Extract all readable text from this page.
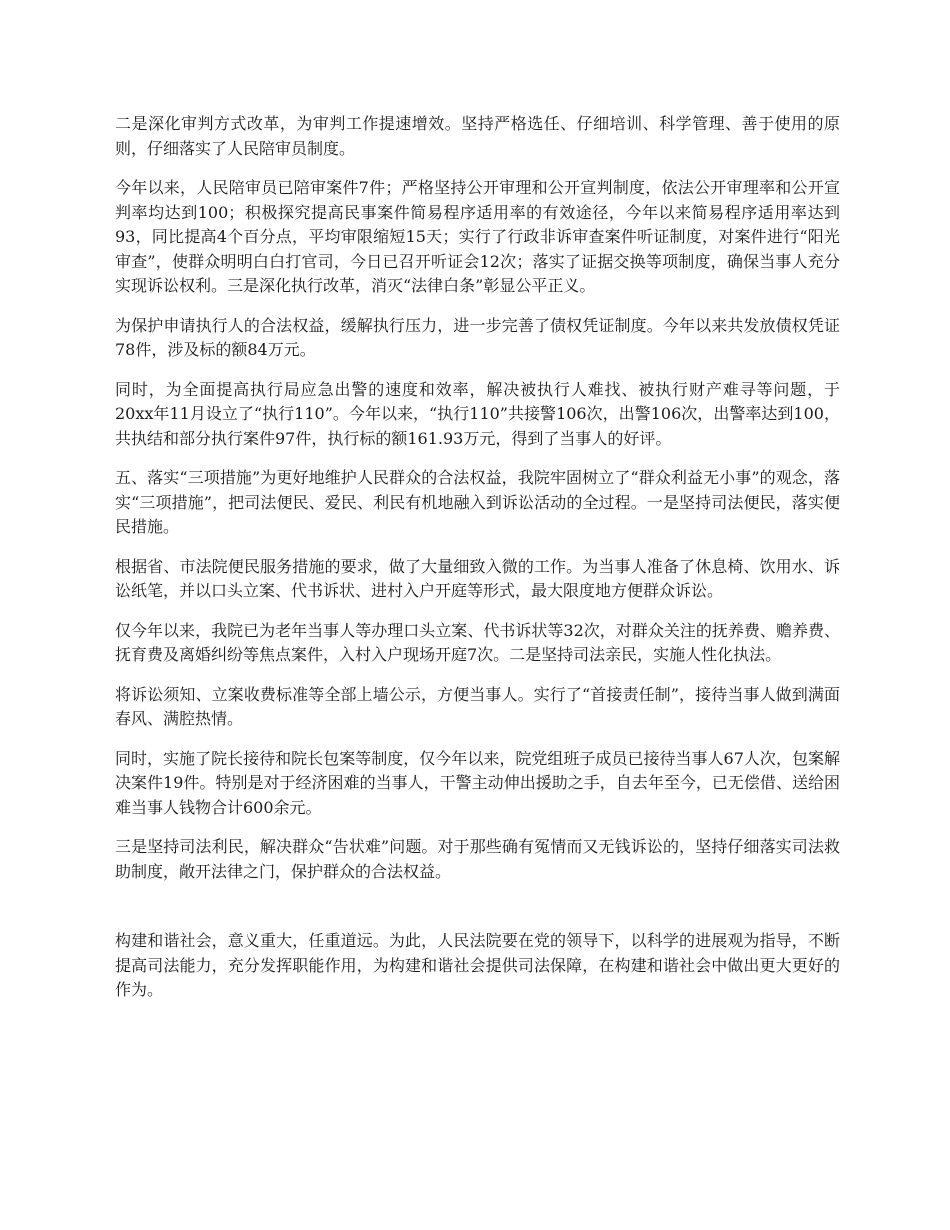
二是深化审判方式改革，为审判工作提速增效。坚持严格选任、仔细培训、科学管理、善于使用的原则，仔细落实了人民陪审员制度。

今年以来，人民陪审员已陪审案件7件；严格坚持公开审理和公开宣判制度，依法公开审理率和公开宣判率均达到100；积极探究提高民事案件简易程序适用率的有效途径，今年以来简易程序适用率达到93，同比提高4个百分点，平均审限缩短15天；实行了行政非诉审查案件听证制度，对案件进行“阳光审查”，使群众明明白白打官司，今日已召开听证会12次；落实了证据交换等项制度，确保当事人充分实现诉讼权利。三是深化执行改革，消灭“法律白条”彰显公平正义。

为保护申请执行人的合法权益，缓解执行压力，进一步完善了债权凭证制度。今年以来共发放债权凭证78件，涉及标的额84万元。

同时，为全面提高执行局应急出警的速度和效率，解决被执行人难找、被执行财产难寻等问题，于20xx年11月设立了“执行110”。今年以来，“执行110”共接警106次，出警106次，出警率达到100，共执结和部分执行案件97件，执行标的额161.93万元，得到了当事人的好评。

五、落实“三项措施”为更好地维护人民群众的合法权益，我院牢固树立了“群众利益无小事”的观念，落实“三项措施”，把司法便民、爱民、利民有机地融入到诉讼活动的全过程。一是坚持司法便民，落实便民措施。

根据省、市法院便民服务措施的要求，做了大量细致入微的工作。为当事人准备了休息椅、饮用水、诉讼纸笔，并以口头立案、代书诉状、进村入户开庭等形式，最大限度地方便群众诉讼。

仅今年以来，我院已为老年当事人等办理口头立案、代书诉状等32次，对群众关注的抚养费、赡养费、抚育费及离婚纠纷等焦点案件，入村入户现场开庭7次。二是坚持司法亲民，实施人性化执法。

将诉讼须知、立案收费标准等全部上墙公示，方便当事人。实行了“首接责任制”，接待当事人做到满面春风、满腔热情。

同时，实施了院长接待和院长包案等制度，仅今年以来，院党组班子成员已接待当事人67人次，包案解决案件19件。特别是对于经济困难的当事人，干警主动伸出援助之手，自去年至今，已无偿借、送给困难当事人钱物合计600余元。

三是坚持司法利民，解决群众“告状难”问题。对于那些确有冤情而又无钱诉讼的，坚持仔细落实司法救助制度，敞开法律之门，保护群众的合法权益。

构建和谐社会，意义重大，任重道远。为此，人民法院要在党的领导下，以科学的进展观为指导，不断提高司法能力，充分发挥职能作用，为构建和谐社会提供司法保障，在构建和谐社会中做出更大更好的作为。
